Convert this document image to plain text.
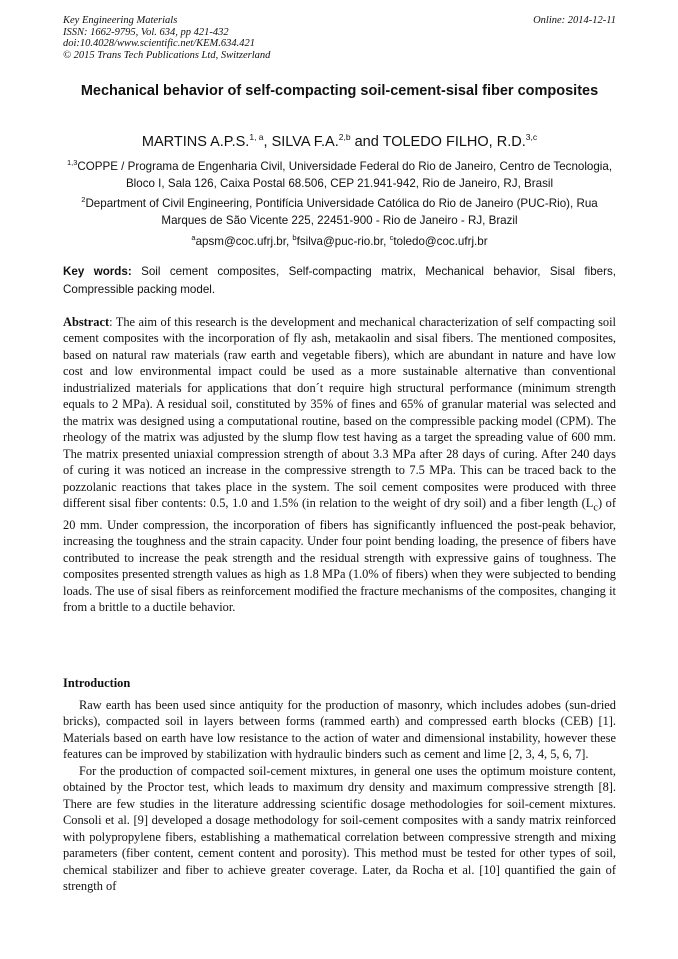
Key Engineering Materials
ISSN: 1662-9795, Vol. 634, pp 421-432
doi:10.4028/www.scientific.net/KEM.634.421
© 2015 Trans Tech Publications Ltd, Switzerland
Online: 2014-12-11
Mechanical behavior of self-compacting soil-cement-sisal fiber composites
MARTINS A.P.S.$^{1, a}$, SILVA F.A.$^{2,b}$ and TOLEDO FILHO, R.D.$^{3,c}$
$^{1,3}$COPPE / Programa de Engenharia Civil, Universidade Federal do Rio de Janeiro, Centro de Tecnologia, Bloco I, Sala 126, Caixa Postal 68.506, CEP 21.941-942, Rio de Janeiro, RJ, Brasil
$^2$Department of Civil Engineering, Pontifícia Universidade Católica do Rio de Janeiro (PUC-Rio), Rua Marques de São Vicente 225, 22451-900 - Rio de Janeiro - RJ, Brazil
$^a$apsm@coc.ufrj.br, $^b$fsilva@puc-rio.br, $^c$toledo@coc.ufrj.br
Key words: Soil cement composites, Self-compacting matrix, Mechanical behavior, Sisal fibers, Compressible packing model.
Abstract: The aim of this research is the development and mechanical characterization of self compacting soil cement composites with the incorporation of fly ash, metakaolin and sisal fibers. The mentioned composites, based on natural raw materials (raw earth and vegetable fibers), which are abundant in nature and have low cost and low environmental impact could be used as a more sustainable alternative than conventional industrialized materials for applications that don´t require high structural performance (minimum strength equals to 2 MPa). A residual soil, constituted by 35% of fines and 65% of granular material was selected and the matrix was designed using a computational routine, based on the compressible packing model (CPM). The rheology of the matrix was adjusted by the slump flow test having as a target the spreading value of 600 mm. The matrix presented uniaxial compression strength of about 3.3 MPa after 28 days of curing. After 240 days of curing it was noticed an increase in the compressive strength to 7.5 MPa. This can be traced back to the pozzolanic reactions that takes place in the system. The soil cement composites were produced with three different sisal fiber contents: 0.5, 1.0 and 1.5% (in relation to the weight of dry soil) and a fiber length $(L_c)$ of 20 mm. Under compression, the incorporation of fibers has significantly influenced the post-peak behavior, increasing the toughness and the strain capacity. Under four point bending loading, the presence of fibers have contributed to increase the peak strength and the residual strength with expressive gains of toughness. The composites presented strength values as high as 1.8 MPa (1.0% of fibers) when they were subjected to bending loads. The use of sisal fibers as reinforcement modified the fracture mechanisms of the composites, changing it from a brittle to a ductile behavior.
Introduction

Raw earth has been used since antiquity for the production of masonry, which includes adobes (sun-dried bricks), compacted soil in layers between forms (rammed earth) and compressed earth blocks (CEB) [1]. Materials based on earth have low resistance to the action of water and dimensional instability, however these features can be improved by stabilization with hydraulic binders such as cement and lime [2, 3, 4, 5, 6, 7].

For the production of compacted soil-cement mixtures, in general one uses the optimum moisture content, obtained by the Proctor test, which leads to maximum dry density and maximum compressive strength [8]. There are few studies in the literature addressing scientific dosage methodologies for soil-cement mixtures. Consoli et al. [9] developed a dosage methodology for soil-cement composites with a sandy matrix reinforced with polypropylene fibers, establishing a mathematical correlation between compressive strength and mixing parameters (fiber content, cement content and porosity). This method must be tested for other types of soil, chemical stabilizer and fiber to achieve greater coverage. Later, da Rocha et al. [10] quantified the gain of strength of
